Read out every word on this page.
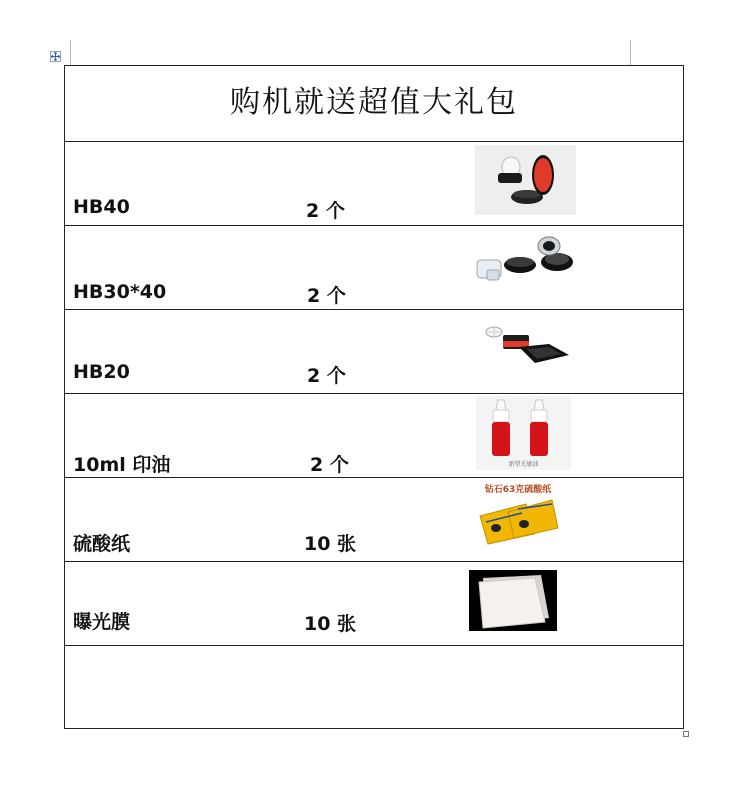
购机就送超值大礼包

HB40	2 个

HB30*40	2 个

HB20	2 个

10ml 印油	2 个	新型光敏油

硫酸纸	10 张
钻石63克硫酸纸

曝光膜	10 张
